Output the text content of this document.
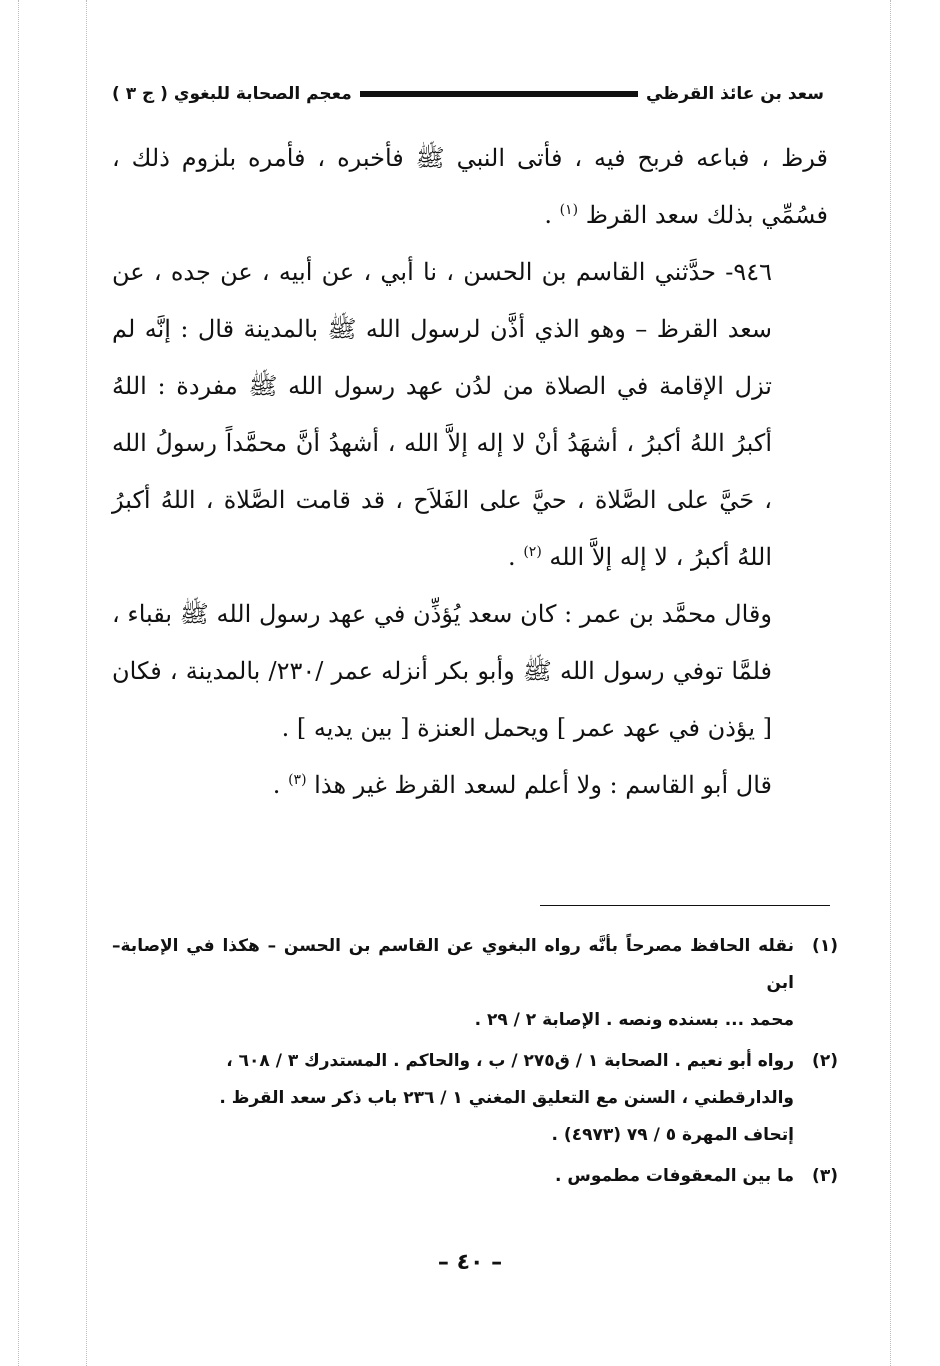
سعد بن عائذ القرظي
معجم الصحابة للبغوي ( ج ٣ )

قرظ ، فباعه فربح فيه ، فأتى النبي ﷺ فأخبره ، فأمره بلزوم ذلك ، فسُمِّي بذلك سعد القرظ $^{(١)}$ .

٩٤٦- حدَّثني القاسم بن الحسن ، نا أبي ، عن أبيه ، عن جده ، عن سعد القرظ – وهو الذي أذَّن لرسول الله ﷺ بالمدينة قال : إنَّه لم تزل الإقامة في الصلاة من لدُن عهد رسول الله ﷺ مفردة : اللهُ أكبرُ اللهُ أكبرُ ، أشهَدُ أنْ لا إله إلاَّ الله ، أشهدُ أنَّ محمَّداً رسولُ الله ، حَيَّ على الصَّلاة ، حيَّ على الفَلاَح ، قد قامت الصَّلاة ، اللهُ أكبرُ اللهُ أكبرُ ، لا إله إلاَّ الله $^{(٢)}$ .

وقال محمَّد بن عمر : كان سعد يُؤذِّن في عهد رسول الله ﷺ بقباء ، فلمَّا توفي رسول الله ﷺ وأبو بكر أنزله عمر /٢٣٠/ بالمدينة ، فكان [ يؤذن في عهد عمر ] ويحمل العنزة [ بين يديه ] .

قال أبو القاسم : ولا أعلم لسعد القرظ غير هذا $^{(٣)}$ .

(١)
نقله الحافظ مصرحاً بأنَّه رواه البغوي عن القاسم بن الحسن – هكذا في الإصابة– ابن
محمد ... بسنده ونصه . الإصابة ٢ / ٢٩ .
(٢)
رواه أبو نعيم . الصحابة ١ / ق٢٧٥ / ب ، والحاكم . المستدرك ٣ / ٦٠٨ ،
والدارقطني ، السنن مع التعليق المغني ١ / ٢٣٦ باب ذكر سعد القرظ .
إتحاف المهرة ٥ / ٧٩ (٤٩٧٣) .
(٣)
ما بين المعقوفات مطموس .
– ٤٠ –
